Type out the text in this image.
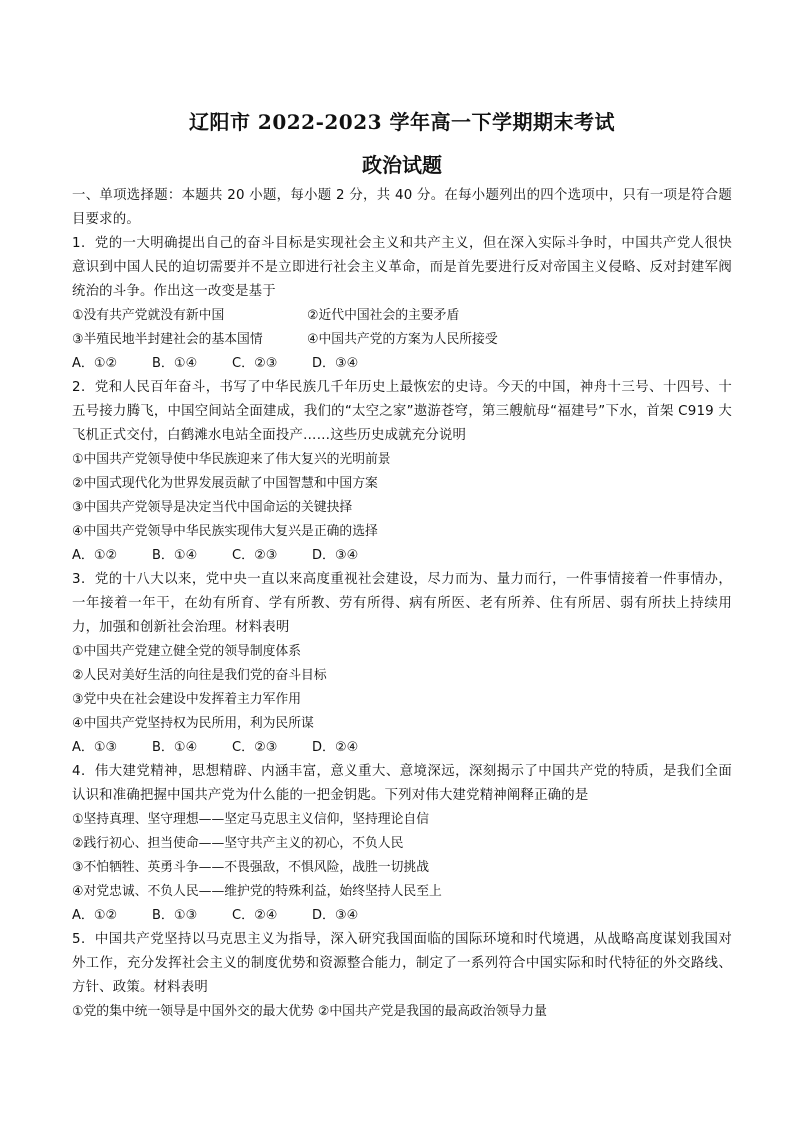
辽阳市 2022-2023 学年高一下学期期末考试
政治试题

一、单项选择题：本题共 20 小题，每小题 2 分，共 40 分。在每小题列出的四个选项中，只有一项是符合题目要求的。

1．党的一大明确提出自己的奋斗目标是实现社会主义和共产主义，但在深入实际斗争时，中国共产党人很快意识到中国人民的迫切需要并不是立即进行社会主义革命，而是首先要进行反对帝国主义侵略、反对封建军阀统治的斗争。作出这一改变是基于

①没有共产党就没有新中国	②近代中国社会的主要矛盾
③半殖民地半封建社会的基本国情	④中国共产党的方案为人民所接受
A．①②	B．①④	C．②③	D．③④

2．党和人民百年奋斗，书写了中华民族几千年历史上最恢宏的史诗。今天的中国，神舟十三号、十四号、十五号接力腾飞，中国空间站全面建成，我们的“太空之家”遨游苍穹，第三艘航母“福建号”下水，首架 C919 大飞机正式交付，白鹤滩水电站全面投产……这些历史成就充分说明

①中国共产党领导使中华民族迎来了伟大复兴的光明前景

②中国式现代化为世界发展贡献了中国智慧和中国方案

③中国共产党领导是决定当代中国命运的关键抉择

④中国共产党领导中华民族实现伟大复兴是正确的选择

A．①②	B．①④	C．②③	D．③④

3．党的十八大以来，党中央一直以来高度重视社会建设，尽力而为、量力而行，一件事情接着一件事情办，一年接着一年干，在幼有所育、学有所教、劳有所得、病有所医、老有所养、住有所居、弱有所扶上持续用力，加强和创新社会治理。材料表明

①中国共产党建立健全党的领导制度体系

②人民对美好生活的向往是我们党的奋斗目标

③党中央在社会建设中发挥着主力军作用

④中国共产党坚持权为民所用，利为民所谋

A．①③	B．①④	C．②③	D．②④

4．伟大建党精神，思想精辟、内涵丰富，意义重大、意境深远，深刻揭示了中国共产党的特质，是我们全面认识和准确把握中国共产党为什么能的一把金钥匙。下列对伟大建党精神阐释正确的是

①坚持真理、坚守理想——坚定马克思主义信仰，坚持理论自信

②践行初心、担当使命——坚守共产主义的初心，不负人民

③不怕牺牲、英勇斗争——不畏强敌，不惧风险，战胜一切挑战

④对党忠诚、不负人民——维护党的特殊利益，始终坚持人民至上

A．①②	B．①③	C．②④	D．③④

5．中国共产党坚持以马克思主义为指导，深入研究我国面临的国际环境和时代境遇，从战略高度谋划我国对外工作，充分发挥社会主义的制度优势和资源整合能力，制定了一系列符合中国实际和时代特征的外交路线、方针、政策。材料表明

①党的集中统一领导是中国外交的最大优势 ②中国共产党是我国的最高政治领导力量
